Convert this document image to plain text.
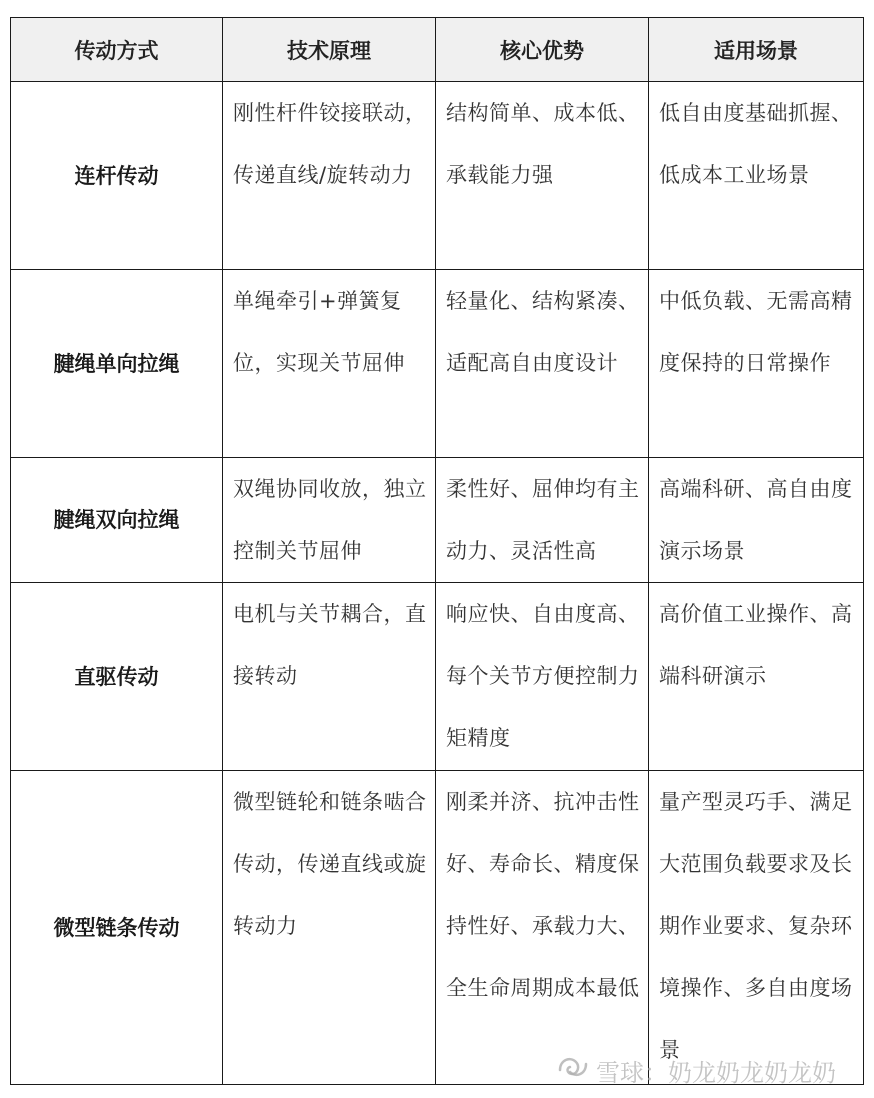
传动方式	技术原理	核心优势	适用场景
连杆传动	刚性杆件铰接联动，传递直线/旋转动力	结构简单、成本低、承载能力强	低自由度基础抓握、低成本工业场景

腱绳单向拉绳	单绳牵引+弹簧复位，实现关节屈伸	轻量化、结构紧凑、适配高自由度设计	中低负载、无需高精度保持的日常操作

腱绳双向拉绳	双绳协同收放，独立控制关节屈伸	柔性好、屈伸均有主动力、灵活性高	高端科研、高自由度演示场景

直驱传动	电机与关节耦合，直接转动	响应快、自由度高、每个关节方便控制力矩精度	高价值工业操作、高端科研演示

微型链条传动	微型链轮和链条啮合传动，传递直线或旋转动力	刚柔并济、抗冲击性好、寿命长、精度保持性好、承载力大、全生命周期成本最低	量产型灵巧手、满足大范围负载要求及长期作业要求、复杂环境操作、多自由度场景
雪球：奶龙奶龙奶龙奶
